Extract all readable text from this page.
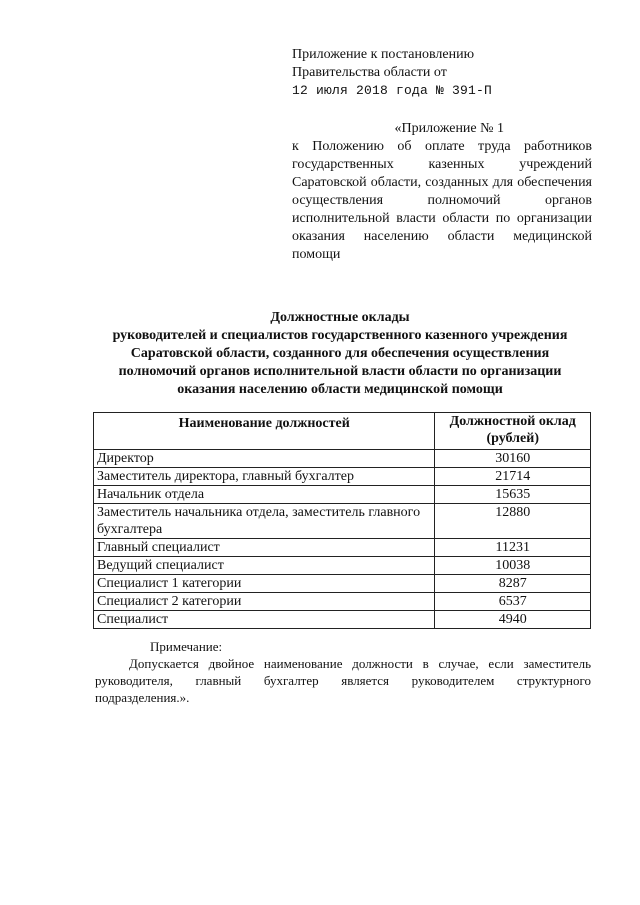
Приложение к постановлению
Правительства области от
12 июля 2018 года № 391-П
«Приложение № 1
к Положению об оплате труда работников государственных казенных учреждений Саратовской области, созданных для обеспечения осуществления полномочий органов исполнительной власти области по организации оказания населению области медицинской помощи
Должностные оклады
руководителей и специалистов государственного казенного учреждения
Саратовской области, созданного для обеспечения осуществления
полномочий органов исполнительной власти области по организации
оказания населению области медицинской помощи
Наименование должностей	Должностной оклад (рублей)
Директор	30160
Заместитель директора, главный бухгалтер	21714
Начальник отдела	15635
Заместитель начальника отдела, заместитель главного бухгалтера	12880
Главный специалист	11231
Ведущий специалист	10038
Специалист 1 категории	8287
Специалист 2 категории	6537
Специалист	4940
Примечание:
Допускается двойное наименование должности в случае, если заместитель руководителя, главный бухгалтер является руководителем структурного подразделения.».
